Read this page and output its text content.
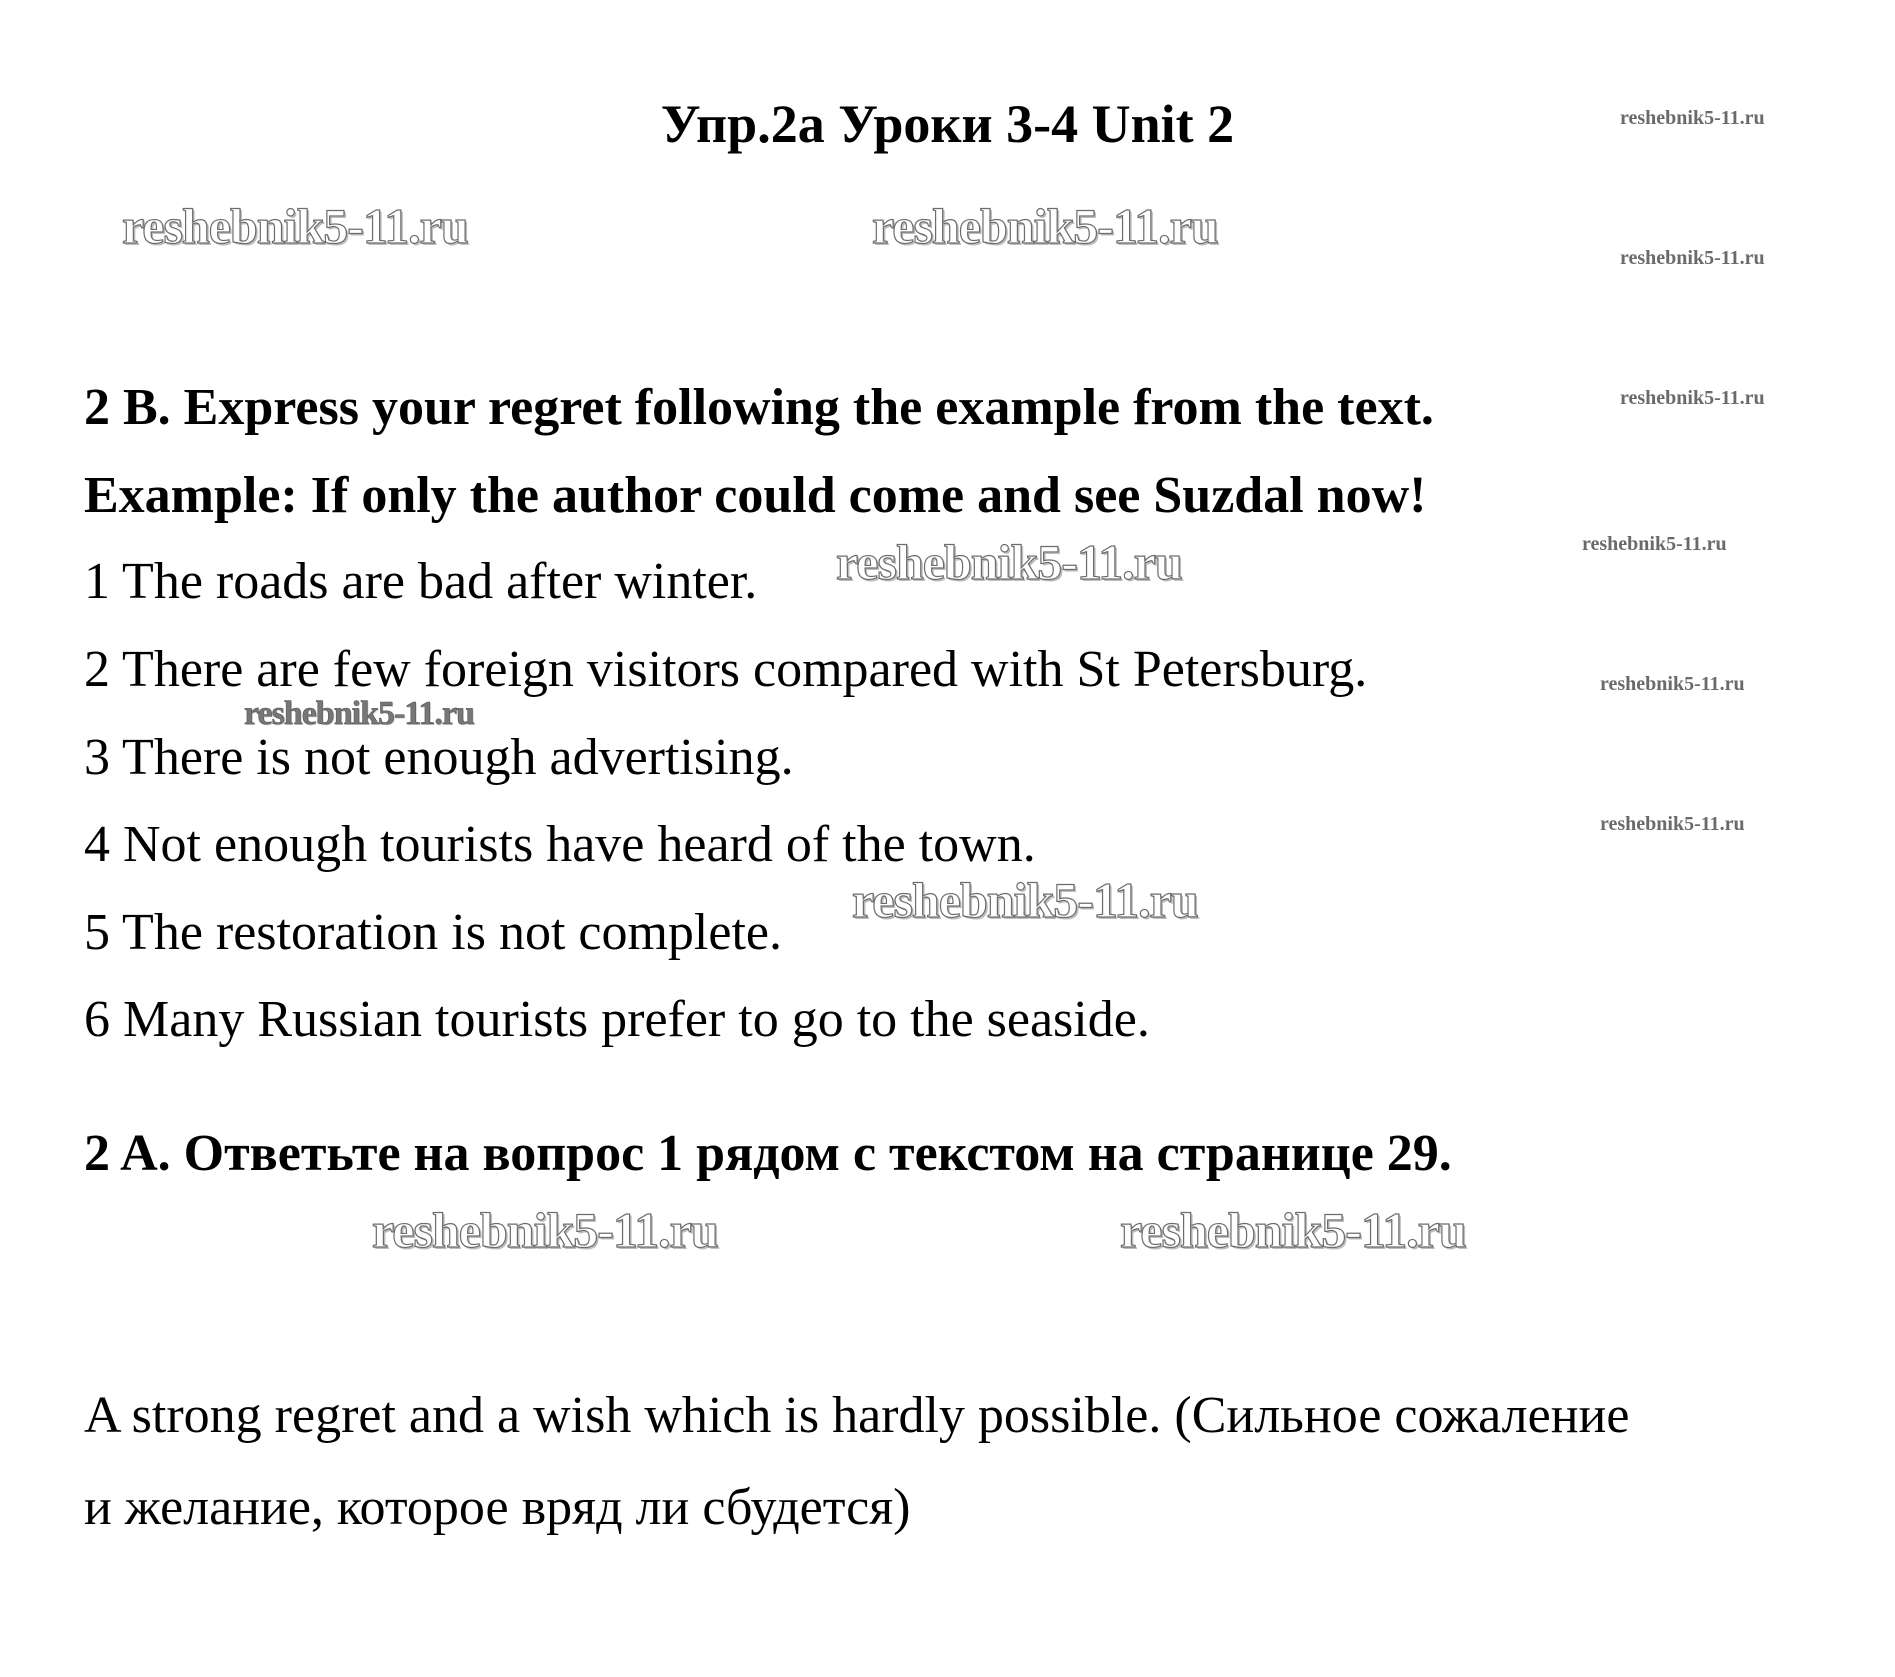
Упр.2а Уроки 3-4 Unit 2
2 B. Express your regret following the example from the text.
Example: If only the author could come and see Suzdal now!
1 The roads are bad after winter.
2 There are few foreign visitors compared with St Petersburg.
3 There is not enough advertising.
4 Not enough tourists have heard of the town.
5 The restoration is not complete.
6 Many Russian tourists prefer to go to the seaside.
2 A. Ответьте на вопрос 1 рядом с текстом на странице 29.
A strong regret and a wish which is hardly possible. (Сильное сожаление
и желание, которое вряд ли сбудется)
reshebnik5-11.ru	reshebnik5-11.ru
reshebnik5-11.ru
reshebnik5-11.ru
reshebnik5-11.ru
reshebnik5-11.ru	reshebnik5-11.ru
reshebnik5-11.ru
reshebnik5-11.ru
reshebnik5-11.ru
reshebnik5-11.ru
reshebnik5-11.ru
reshebnik5-11.ru
